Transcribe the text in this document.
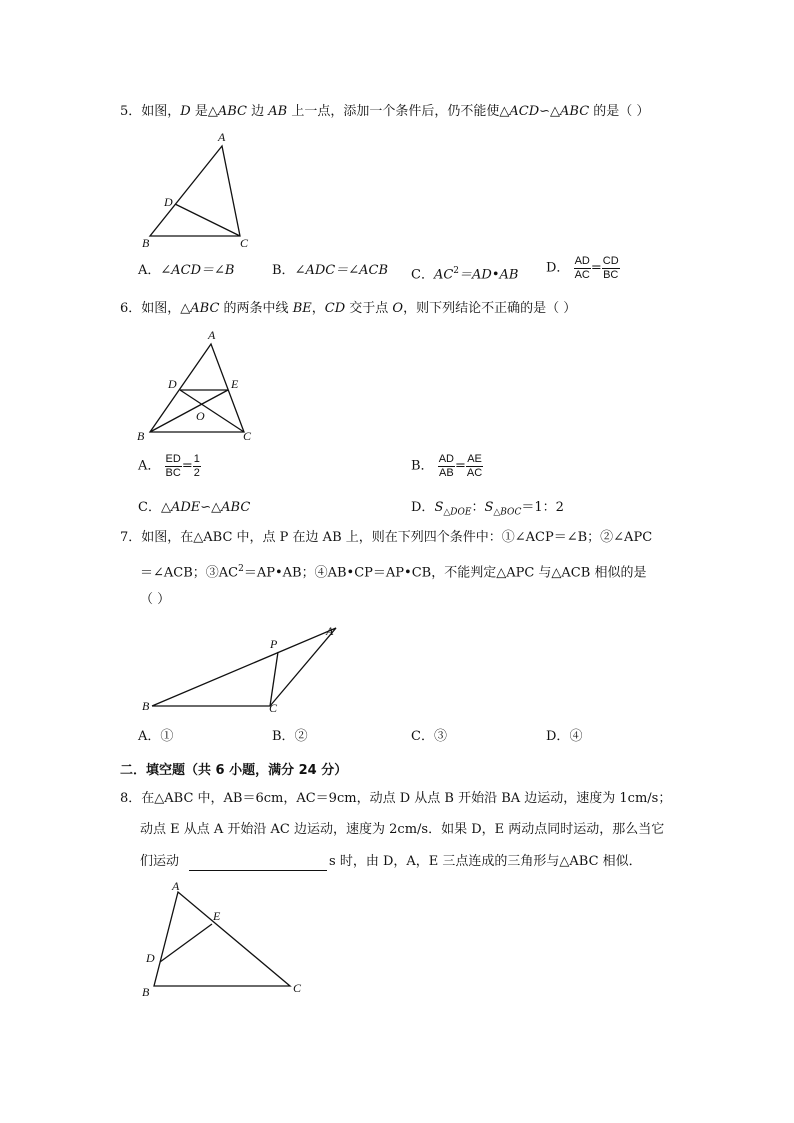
5．如图，D 是△ABC 边 AB 上一点，添加一个条件后，仍不能使△ACD∽△ABC 的是（ ）
A
B	C
D
A．∠ACD＝∠B	B．∠ADC＝∠ACB C．$AC^2=AD•AB$ D． $\frac{AD}{AC} = \frac{CD}{BC}$
6．如图，△ABC 的两条中线 BE，CD 交于点 O，则下列结论不正确的是（ ）
A
B	C
D	E
O
A． $\frac{ED}{BC} = \frac{1}{2}$	B． $\frac{AD}{AB} = \frac{AE}{AC}$
C．△ADE∽△ABC	D．$S_{\triangle DOE}$：$S_{\triangle BOC}=1$：2
7．如图，在△ABC 中，点 P 在边 AB 上，则在下列四个条件中：①∠ACP＝∠B；②∠APC
＝∠ACB；$③AC^2=AP•AB$；④AB•CP＝AP•CB，不能判定△APC 与△ACB 相似的是
（ ）
A
B	C
P
A．①	B．②	C．③	D．④
二．填空题（共 6 小题，满分 24 分）
8．在△ABC 中，AB＝6cm，AC＝9cm，动点 D 从点 B 开始沿 BA 边运动，速度为 1cm/s；
动点 E 从点 A 开始沿 AC 边运动，速度为 2cm/s．如果 D，E 两动点同时运动，那么当它
们运动	s 时，由 D，A，E 三点连成的三角形与△ABC 相似．
A
B	C
D
E
